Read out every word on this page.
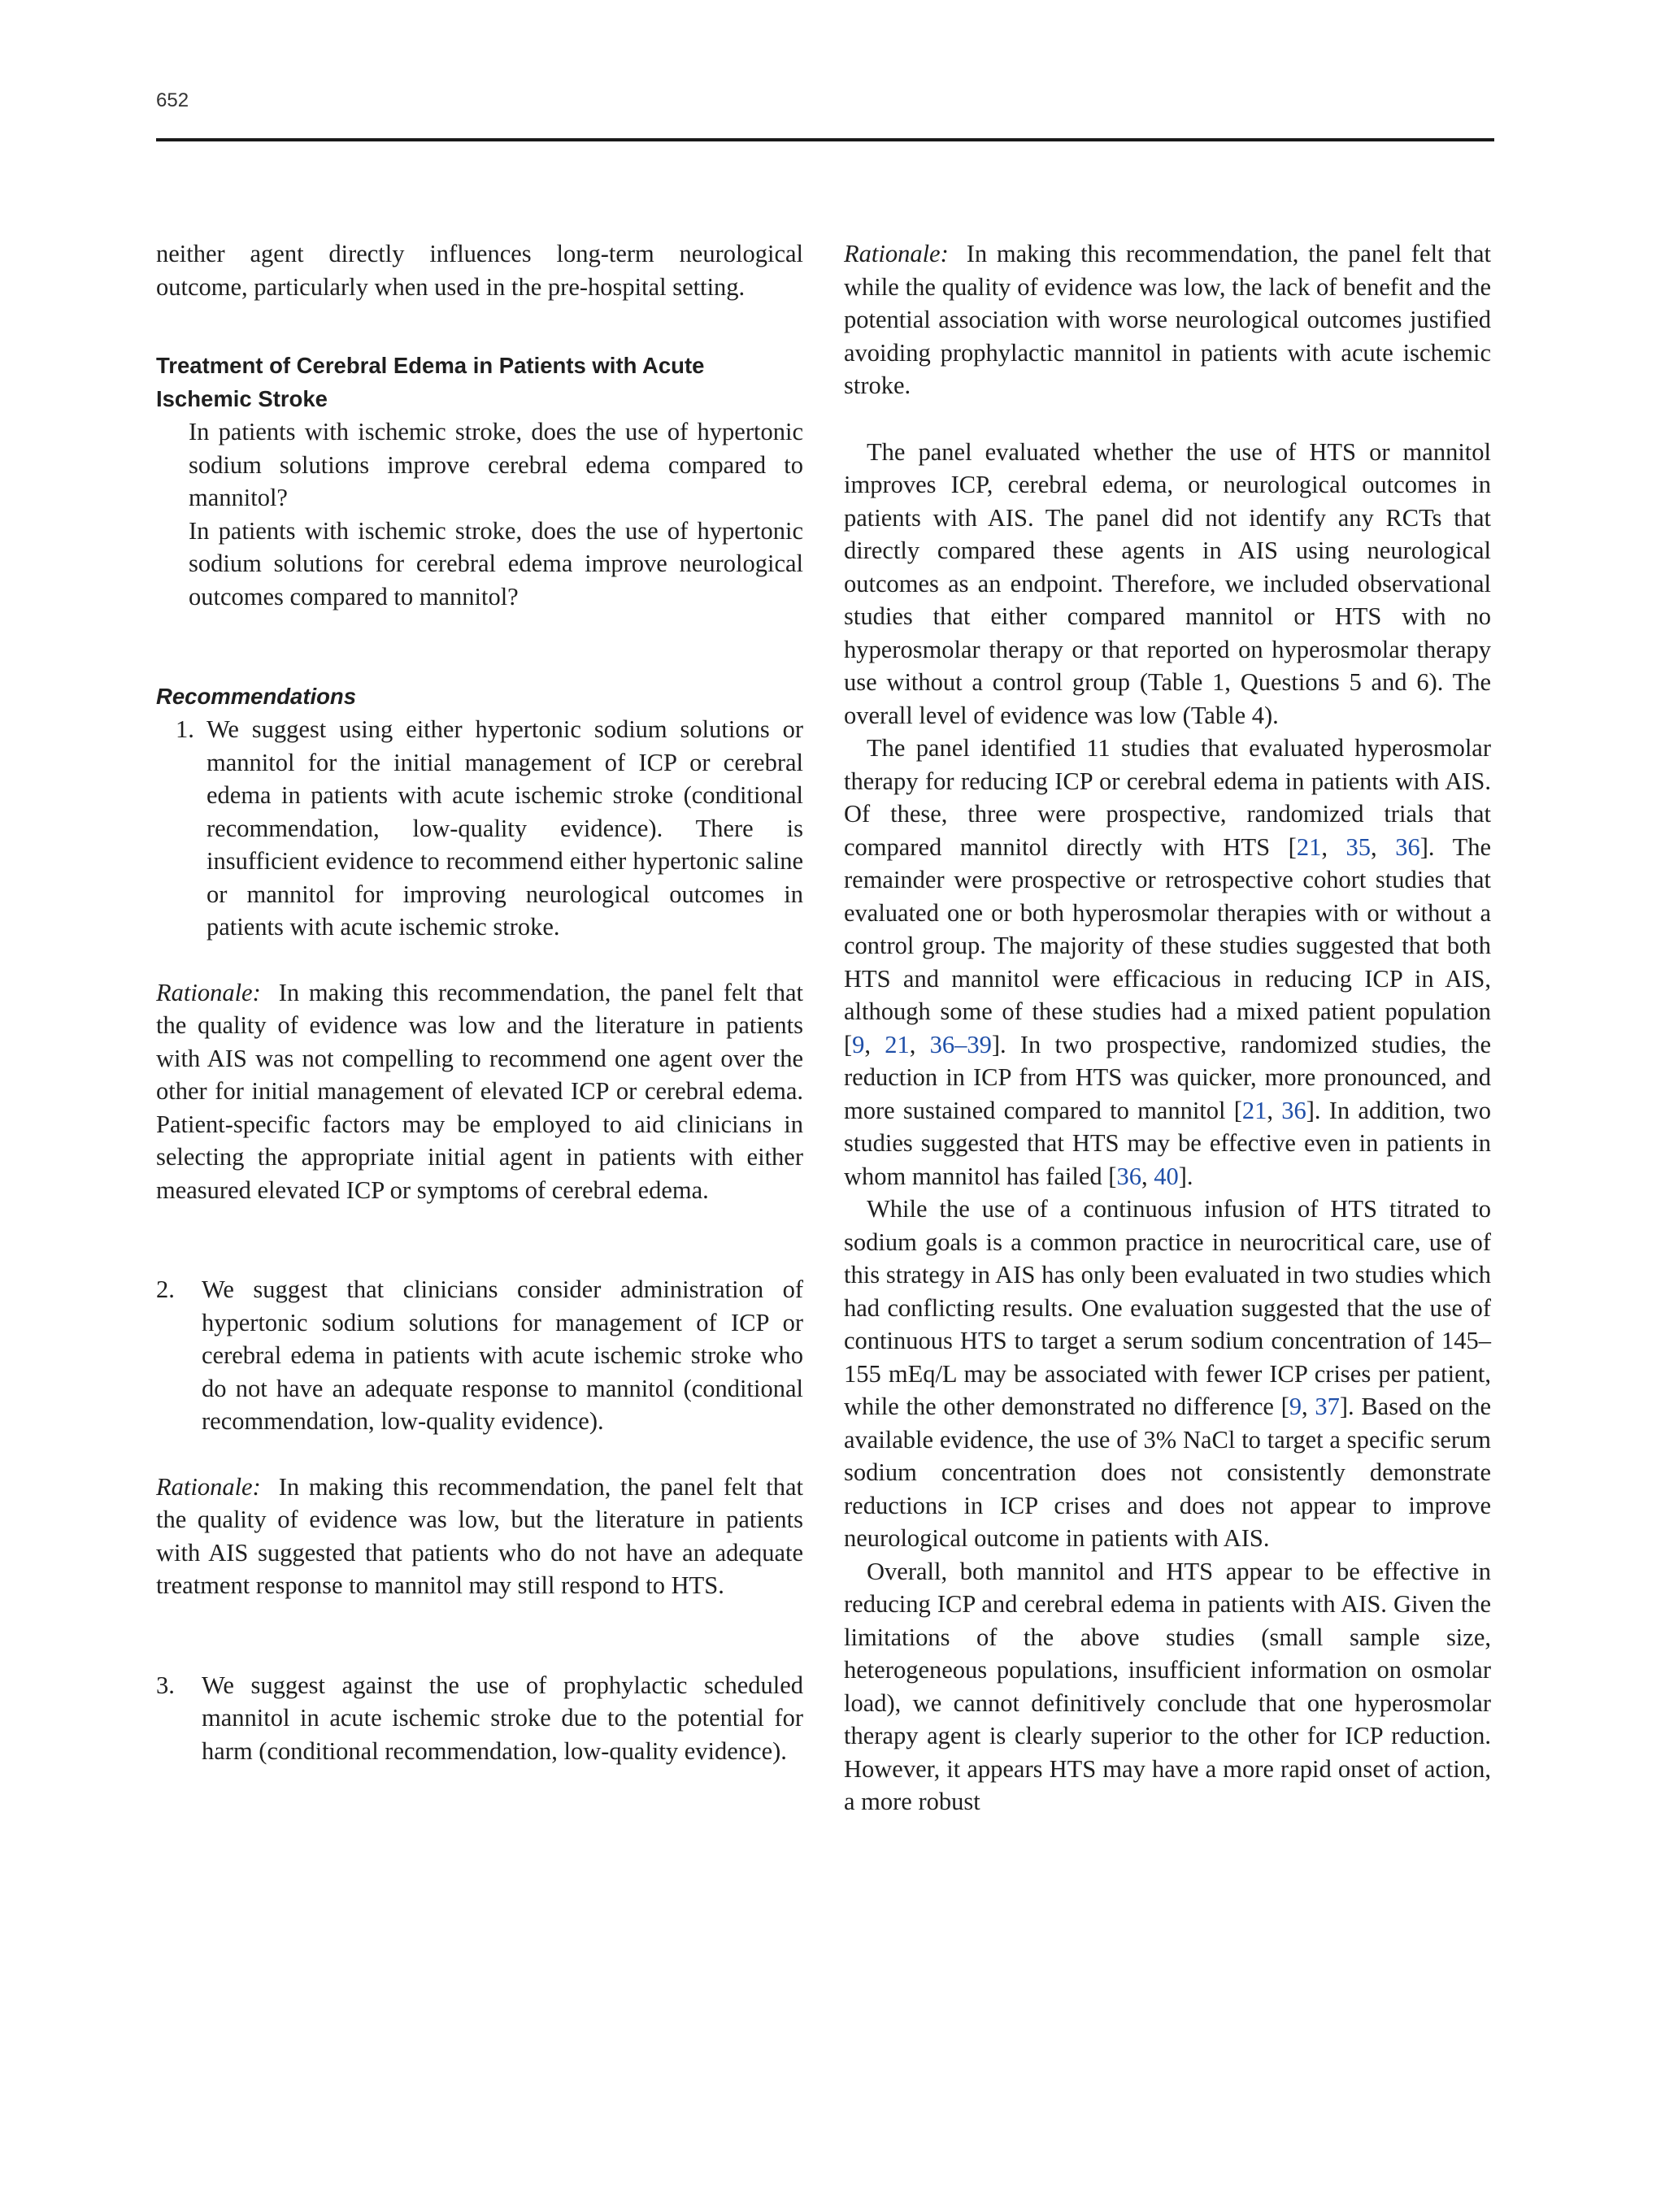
652

neither agent directly influences long-term neurological outcome, particularly when used in the pre-hospital setting.

Treatment of Cerebral Edema in Patients with Acute Ischemic Stroke

In patients with ischemic stroke, does the use of hypertonic sodium solutions improve cerebral edema compared to mannitol?

In patients with ischemic stroke, does the use of hypertonic sodium solutions for cerebral edema improve neurological outcomes compared to mannitol?

Recommendations
1. We suggest using either hypertonic sodium solutions or mannitol for the initial management of ICP or cerebral edema in patients with acute ischemic stroke (conditional recommendation, low-quality evidence). There is insufficient evidence to recommend either hypertonic saline or mannitol for improving neurological outcomes in patients with acute ischemic stroke.

Rationale: In making this recommendation, the panel felt that the quality of evidence was low and the literature in patients with AIS was not compelling to recommend one agent over the other for initial management of elevated ICP or cerebral edema. Patient-specific factors may be employed to aid clinicians in selecting the appropriate initial agent in patients with either measured elevated ICP or symptoms of cerebral edema.

2.	We suggest that clinicians consider administration of hypertonic sodium solutions for management of ICP or cerebral edema in patients with acute ischemic stroke who do not have an adequate response to mannitol (conditional recommendation, low-quality evidence).

Rationale: In making this recommendation, the panel felt that the quality of evidence was low, but the literature in patients with AIS suggested that patients who do not have an adequate treatment response to mannitol may still respond to HTS.

3.	We suggest against the use of prophylactic scheduled mannitol in acute ischemic stroke due to the potential for harm (conditional recommendation, low-quality evidence).

Rationale: In making this recommendation, the panel felt that while the quality of evidence was low, the lack of benefit and the potential association with worse neurological outcomes justified avoiding prophylactic mannitol in patients with acute ischemic stroke.

The panel evaluated whether the use of HTS or mannitol improves ICP, cerebral edema, or neurological outcomes in patients with AIS. The panel did not identify any RCTs that directly compared these agents in AIS using neurological outcomes as an endpoint. Therefore, we included observational studies that either compared mannitol or HTS with no hyperosmolar therapy or that reported on hyperosmolar therapy use without a control group (Table 1, Questions 5 and 6). The overall level of evidence was low (Table 4).

The panel identified 11 studies that evaluated hyperosmolar therapy for reducing ICP or cerebral edema in patients with AIS. Of these, three were prospective, randomized trials that compared mannitol directly with HTS [21, 35, 36]. The remainder were prospective or retrospective cohort studies that evaluated one or both hyperosmolar therapies with or without a control group. The majority of these studies suggested that both HTS and mannitol were efficacious in reducing ICP in AIS, although some of these studies had a mixed patient population [9, 21, 36–39]. In two prospective, randomized studies, the reduction in ICP from HTS was quicker, more pronounced, and more sustained compared to mannitol [21, 36]. In addition, two studies suggested that HTS may be effective even in patients in whom mannitol has failed [36, 40].

While the use of a continuous infusion of HTS titrated to sodium goals is a common practice in neurocritical care, use of this strategy in AIS has only been evaluated in two studies which had conflicting results. One evaluation suggested that the use of continuous HTS to target a serum sodium concentration of 145–155 mEq/L may be associated with fewer ICP crises per patient, while the other demonstrated no difference [9, 37]. Based on the available evidence, the use of 3% NaCl to target a specific serum sodium concentration does not consistently demonstrate reductions in ICP crises and does not appear to improve neurological outcome in patients with AIS.

Overall, both mannitol and HTS appear to be effective in reducing ICP and cerebral edema in patients with AIS. Given the limitations of the above studies (small sample size, heterogeneous populations, insufficient information on osmolar load), we cannot definitively conclude that one hyperosmolar therapy agent is clearly superior to the other for ICP reduction. However, it appears HTS may have a more rapid onset of action, a more robust
